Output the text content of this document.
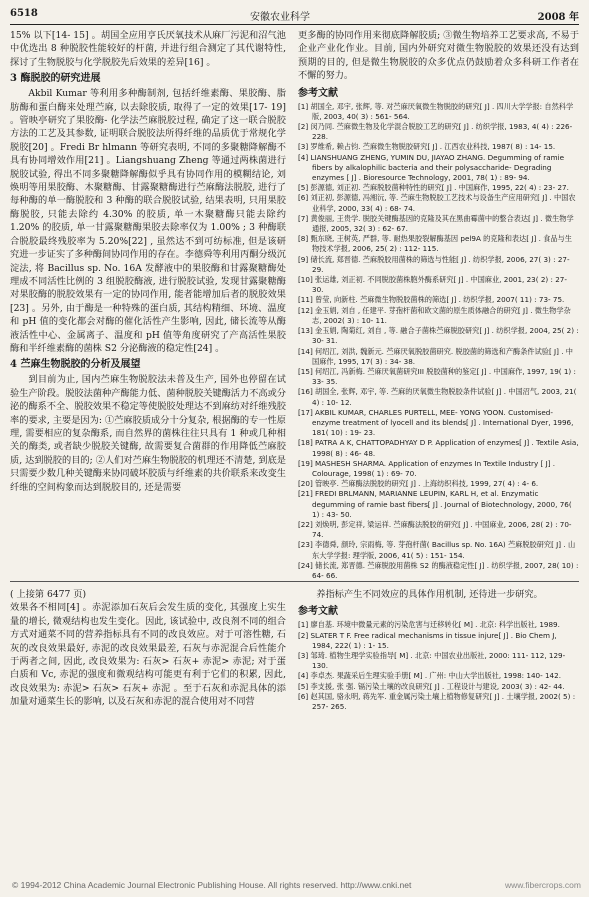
6518	安徽农业科学	2008 年

15% 以下[14- 15] 。胡国全应用亨氏厌氧技术从麻厂污泥和沼气池中优选出 8 种脱胶性能较好的杆菌, 并进行组合测定了其代谢特性, 探讨了生物脱胶与化学脱胶先后效果的差异[16] 。

3 酶脱胶的研究进展

Akbil Kumar 等利用多种酶制剂, 包括纤维素酶、果胶酶、脂肪酶和蛋白酶来处理苎麻, 以去除胶质, 取得了一定的效果[17- 19] 。管映亭研究了果胶酶- 化学法苎麻脱胶过程, 确定了这一联合脱胶方法的工艺及其参数, 证明联合脱胶法所得纤维的品质优于常规化学脱胶[20] 。Fredi Br hlmann 等研究表明, 不同的多聚糖降解酶不具有协同增效作用[21] 。Liangshuang Zheng 等通过两株菌进行脱胶试验, 得出不同多聚糖降解酶似乎具有协同作用的模糊结论, 刘焕明等用果胶酶、木聚糖酶、甘露聚糖酶进行苎麻酶法脱胶, 进行了每种酶的单一酶脱胶和 3 种酶的联合脱胶试验, 结果表明, 只用果胶酶脱胶, 只能去除约 4.30% 的胶质, 单一木聚糖酶只能去除约 1.20% 的胶质, 单一甘露聚糖酶果胶去除率仅为 1.00% ; 3 种酶联合脱胶最终残胶率为 5.20%[22] , 虽然达不到可纺标准, 但是该研究进一步证实了多种酶间协同作用的存在。李德舜等利用丙酮分级沉淀法, 将 Bacillus sp. No. 16A 发酵液中的果胶酶和甘露聚糖酶处理成不同活性比例的 3 组脱胶酶液, 进行脱胶试验, 发现甘露聚糖酶对果胶酶的脱胶效果有一定的协同作用, 能者能增加后者的脱胶效果[23] 。另外, 由于酶是一种特殊的蛋白质, 其结构精细、环境、温度和 pH 值的变化都会对酶的催化活性产生影响, 因此, 储长流等从酶液活性中心、金属离子、温度和 pH 值等角度研究了产高活性果胶酶和半纤维素酶的菌株 S2 分泌酶液的稳定性[24] 。

4 苎麻生物脱胶的分析及展望

到目前为止, 国内苎麻生物脱胶法未普及生产, 国外也停留在试验生产阶段。脱胶法菌种产酶能力低、菌种脱胶关键酶活力不高或分泌的酶系不全、脱胶效果不稳定等使脱胶处理达不到麻纺对纤维残胶率的要求, 主要是因为: ①苎麻胶质成分十分复杂, 根据酶的专一性原理, 需要相应的复杂酶系, 而自然界的菌株往往只具有 1 种或几种相关的酶类, 或者缺少脱胶关键酶, 故需要复合菌群的作用降低苎麻胶质, 达到脱胶的目的; ②人们对苎麻生物脱胶的机理还不清楚, 到底是只需要少数几种关键酶来协同破坏胶质与纤维素的共价联系来改变生纤维的空间构象而达到脱胶目的, 还是需要

更多酶的协同作用来彻底降解胶质; ③微生物培养工艺要求高, 不易于企业产业化作业。目前, 国内外研究对微生物脱胶的效果还没有达到预期的目的, 但是微生物脱胶的众多优点仍鼓励着众多科研工作者在不懈的努力。

参考文献

[1] 胡国全, 邓宇, 张辉, 等. 对苎麻厌氧微生物脱胶的研究[ J] . 四川大学学报: 自然科学版, 2003, 40( 3) : 561- 564.

[2] 闵乃同. 苎麻微生物及化学混合脱胶工艺的研究[ J] . 纺织学报, 1983, 4( 4) : 226- 228.

[3] 罗维希, 赖占钧. 苎麻微生物脱胶研究[ J] . 江西农业科技, 1987( 8) : 14- 15.

[4] LIANSHUANG ZHENG, YUMIN DU, JIAYAO ZHANG. Degumming of ramie fibers by alkalophilic bacteria and their polysaccharide- Degrading enzymes [ J] . Bioresource Technology, 2001, 78( 1) : 89- 94.

[5] 彭源德, 刘正初. 苎麻脱胶菌种特性的研究[ J] . 中国麻作, 1995, 22( 4) : 23- 27.

[6] 刘正初, 彭源德, 冯湘沅, 等. 苎麻生物脱胶工艺技术与设备生产应用研究[ J] . 中国农业科学, 2000, 33( 4) : 68- 74.

[7] 黄俊丽, 王贵学. 脱胶关键酶基因的克隆及其在黑曲霉菌中的整合表达[ J] . 微生物学通报, 2005, 32( 3) : 62- 67.

[8] 甄东晓, 王树英, 严群, 等. 耐热果胶裂解酶基因 pel9A 的克隆和表达[ J] . 食品与生物技术学报, 2006, 25( 2) : 112- 115.

[9] 储长流, 郑晋德. 苎麻脱胶用菌株的筛选与性能[ J] . 纺织学报, 2006, 27( 3) : 27- 29.

[10] 张运雄, 刘正初. 不同脱胶菌株胞外酶系研究[ J] . 中国麻业, 2001, 23( 2) : 27- 30.

[11] 曾莹, 向新柱. 苎麻微生物脱胶菌株的筛选[ J] . 纺织学报, 2007( 11) : 73- 75.

[12] 金玉娟, 刘自 , 任建平. 芽孢杆菌和欧文菌的原生质体融合的研究[ J] . 微生物学杂志, 2002( 3) : 10- 11.

[13] 金玉娟, 陶菊红, 刘自 , 等. 融合子菌株苎麻脱胶研究[ J] . 纺织学报, 2004, 25( 2) : 30- 31.

[14] 何绍江, 刘洪, 魏新元. 苎麻厌氧脱胶菌研究. 脱胶菌的筛选和产酶条件试验[ J] . 中国麻作, 1995, 17( 3) : 34- 38.

[15] 何绍江, 冯新梅. 苎麻厌氧菌研究III 脱胶菌种的鉴定[ J] . 中国麻作, 1997, 19( 1) : 33- 35.

[16] 胡国全, 张辉, 邓宇, 等. 苎麻的厌氧微生物脱胶条件试验[ J] . 中国沼气, 2003, 21( 4) : 10- 12.

[17] AKBIL KUMAR, CHARLES PURTELL, MEE- YONG YOON. Customised- enzyme treatment of lyocell and its blends[ J] . International Dyer, 1996, 181( 10) : 19- 23.

[18] PATRA A K, CHATTOPADHYAY D P. Application of enzymes[ J] . Textile Asia, 1998( 8) : 46- 48.

[19] MASHESH SHARMA. Application of enzymes In Textile Industry [ J] . Colourage, 1998( 1) : 69- 70.

[20] 管映亭. 苎麻酶法脱胶的研究[ J] . 上海纺织科技, 1999, 27( 4) : 4- 6.

[21] FREDI BRLMANN, MARIANNE LEUPIN, KARL H, et al. Enzymatic degumming of ramie bast fibers[ J] . Journal of Biotechnology, 2000, 76( 1) : 43- 50.

[22] 刘焕明, 彭定祥, 梁运祥. 苎麻酶法脱胶的研究[ J] . 中国麻业, 2006, 28( 2) : 70- 74.

[23] 李德舜, 颜玲, 宗雨梅, 等. 芽孢杆菌( Bacillus sp. No. 16A) 苎麻脱胶研究[ J] . 山东大学学报: 理学版, 2006, 41( 5) : 151- 154.

[24] 储长流, 郑晋德. 苎麻脱胶用菌株 S2 的酶液稳定性[ J] . 纺织学报, 2007, 28( 10) : 64- 66.

( 上接第 6477 页)

效果各不相同[4] 。赤泥添加石灰后会发生质的变化, 其强度上实生量的增长, 微观结构也发生变化。因此, 该试验中, 改良剂不同的组合方式对通菜不同的营养指标具有不同的改良效应。对于可溶性糖, 石灰的改良效果最好, 赤泥的改良效果最差, 石灰与赤泥混合后性能介于两者之间, 因此, 改良效果为: 石灰> 石灰+ 赤泥> 赤泥; 对于蛋白质和 Vc, 赤泥的强度和微观结构可能更有利于它们的积累, 因此, 改良效果为: 赤泥> 石灰> 石灰+ 赤泥 。至于石灰和赤泥具体的添加量对通菜生长的影响, 以及石灰和赤泥的混合使用对不同营

养指标产生不同效应的具体作用机制, 还待进一步研究。

参考文献

[1] 廖自基. 环境中微量元素的污染危害与迁移转化[ M] . 北京: 科学出版社, 1989.

[2] SLATER T F. Free radical mechanisms in tissue injure[ J] . Bio Chem J, 1984, 222( 1) : 1- 15.

[3] 邹琦. 植物生理学实验指导[ M] . 北京: 中国农业出版社, 2000: 111- 112, 129- 130.

[4] 李卓杰. 果蔬采后生理实验手册[ M] . 广州: 中山大学出版社, 1998: 140- 142.

[5] 李支援, 张 强. 镉污染土壤的改良研究[ J] . 工程设计与建设, 2003( 3) : 42- 44.

[6] 赵其国, 骆永明, 蒋先军. 重金属污染土壤上植物修复研究[ J] . 土壤学报, 2002( 5) : 257- 265.

© 1994-2012 China Academic Journal Electronic Publishing House. All rights reserved. http://www.cnki.net	www.fibercrops.com
